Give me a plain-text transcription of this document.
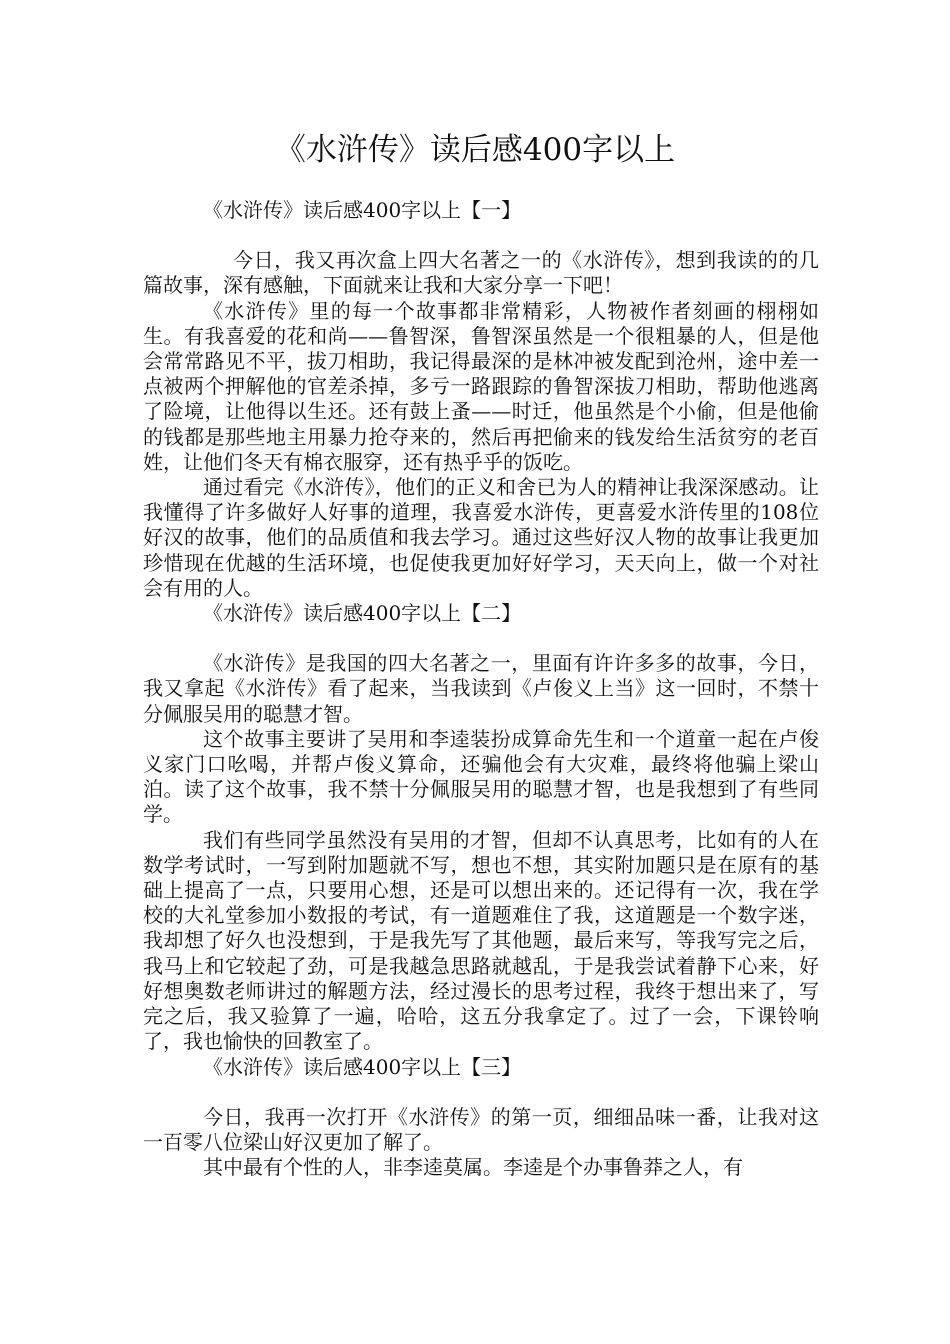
《水浒传》读后感400字以上

《水浒传》读后感400字以上【一】

今日，我又再次盒上四大名著之一的《水浒传》，想到我读的的几篇故事，深有感触，下面就来让我和大家分享一下吧！

《水浒传》里的每一个故事都非常精彩，人物被作者刻画的栩栩如生。有我喜爱的花和尚——鲁智深，鲁智深虽然是一个很粗暴的人，但是他会常常路见不平，拔刀相助，我记得最深的是林冲被发配到沧州，途中差一点被两个押解他的官差杀掉，多亏一路跟踪的鲁智深拔刀相助，帮助他逃离了险境，让他得以生还。还有鼓上蚤——时迁，他虽然是个小偷，但是他偷的钱都是那些地主用暴力抢夺来的，然后再把偷来的钱发给生活贫穷的老百姓，让他们冬天有棉衣服穿，还有热乎乎的饭吃。

通过看完《水浒传》，他们的正义和舍已为人的精神让我深深感动。让我懂得了许多做好人好事的道理，我喜爱水浒传，更喜爱水浒传里的108位好汉的故事，他们的品质值和我去学习。通过这些好汉人物的故事让我更加珍惜现在优越的生活环境，也促使我更加好好学习，天天向上，做一个对社会有用的人。

《水浒传》读后感400字以上【二】

《水浒传》是我国的四大名著之一，里面有许许多多的故事，今日，我又拿起《水浒传》看了起来，当我读到《卢俊义上当》这一回时，不禁十分佩服吴用的聪慧才智。

这个故事主要讲了吴用和李逵装扮成算命先生和一个道童一起在卢俊义家门口吆喝，并帮卢俊义算命，还骗他会有大灾难，最终将他骗上梁山泊。读了这个故事，我不禁十分佩服吴用的聪慧才智，也是我想到了有些同学。

我们有些同学虽然没有吴用的才智，但却不认真思考，比如有的人在数学考试时，一写到附加题就不写，想也不想，其实附加题只是在原有的基础上提高了一点，只要用心想，还是可以想出来的。还记得有一次，我在学校的大礼堂参加小数报的考试，有一道题难住了我，这道题是一个数字迷，我却想了好久也没想到，于是我先写了其他题，最后来写，等我写完之后，我马上和它较起了劲，可是我越急思路就越乱，于是我尝试着静下心来，好好想奥数老师讲过的解题方法，经过漫长的思考过程，我终于想出来了，写完之后，我又验算了一遍，哈哈，这五分我拿定了。过了一会，下课铃响了，我也愉快的回教室了。

《水浒传》读后感400字以上【三】

今日，我再一次打开《水浒传》的第一页，细细品味一番，让我对这一百零八位梁山好汉更加了解了。

其中最有个性的人，非李逵莫属。李逵是个办事鲁莽之人，有
